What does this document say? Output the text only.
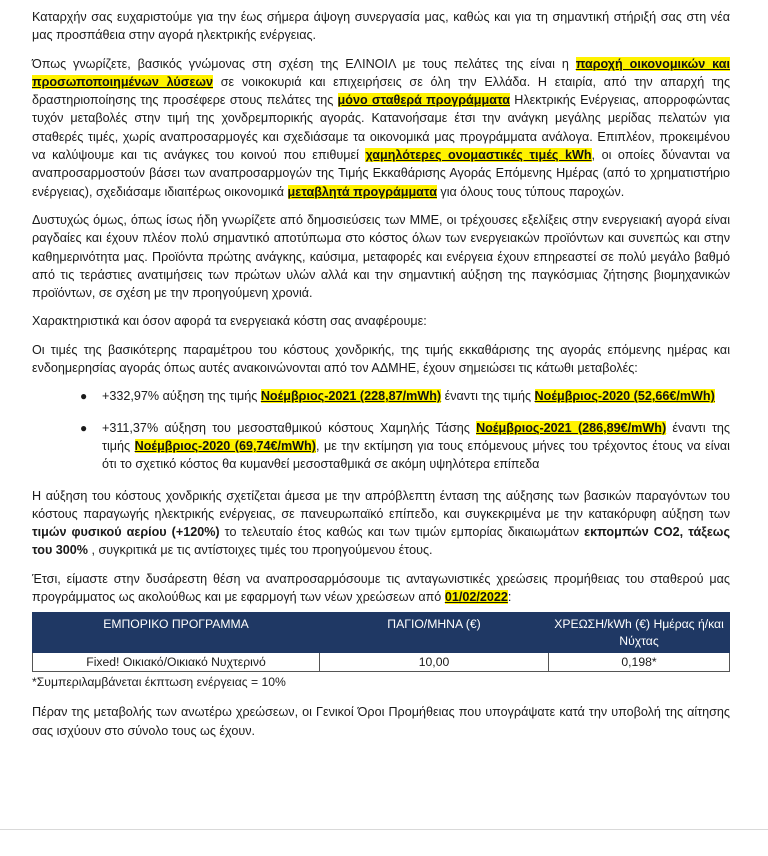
Καταρχήν σας ευχαριστούμε για την έως σήμερα άψογη συνεργασία μας, καθώς και για τη σημαντική στήριξή σας στη νέα μας προσπάθεια στην αγορά ηλεκτρικής ενέργειας.

Όπως γνωρίζετε, βασικός γνώμονας στη σχέση της ΕΛΙΝΟΙΛ με τους πελάτες της είναι η παροχή οικονομικών και προσωποποιημένων λύσεων σε νοικοκυριά και επιχειρήσεις σε όλη την Ελλάδα. Η εταιρία, από την απαρχή της δραστηριοποίησης της προσέφερε στους πελάτες της μόνο σταθερά προγράμματα Ηλεκτρικής Ενέργειας, απορροφώντας τυχόν μεταβολές στην τιμή της χονδρεμπορικής αγοράς. Κατανοήσαμε έτσι την ανάγκη μεγάλης μερίδας πελατών για σταθερές τιμές, χωρίς αναπροσαρμογές και σχεδιάσαμε τα οικονομικά μας προγράμματα ανάλογα. Επιπλέον, προκειμένου να καλύψουμε και τις ανάγκες του κοινού που επιθυμεί χαμηλότερες ονομαστικές τιμές kWh, οι οποίες δύνανται να αναπροσαρμοστούν βάσει των αναπροσαρμογών της Τιμής Εκκαθάρισης Αγοράς Επόμενης Ημέρας (από το χρηματιστήριο ενέργειας), σχεδιάσαμε ιδιαιτέρως οικονομικά μεταβλητά προγράμματα για όλους τους τύπους παροχών.

Δυστυχώς όμως, όπως ίσως ήδη γνωρίζετε από δημοσιεύσεις των ΜΜΕ, οι τρέχουσες εξελίξεις στην ενεργειακή αγορά είναι ραγδαίες και έχουν πλέον πολύ σημαντικό αποτύπωμα στο κόστος όλων των ενεργειακών προϊόντων και συνεπώς και στην καθημερινότητα μας. Προϊόντα πρώτης ανάγκης, καύσιμα, μεταφορές και ενέργεια έχουν επηρεαστεί σε πολύ μεγάλο βαθμό από τις τεράστιες ανατιμήσεις των πρώτων υλών αλλά και την σημαντική αύξηση της παγκόσμιας ζήτησης βιομηχανικών προϊόντων, σε σχέση με την προηγούμενη χρονιά.

Χαρακτηριστικά και όσον αφορά τα ενεργειακά κόστη σας αναφέρουμε:

Οι τιμές της βασικότερης παραμέτρου του κόστους χονδρικής, της τιμής εκκαθάρισης της αγοράς επόμενης ημέρας και ενδοημερησίας αγοράς όπως αυτές ανακοινώνονται από τον ΑΔΜΗΕ, έχουν σημειώσει τις κάτωθι μεταβολές:

● +332,97% αύξηση της τιμής Νοέμβριος-2021 (228,87/mWh) έναντι της τιμής Νοέμβριος-2020 (52,66€/mWh)
● +311,37% αύξηση του μεσοσταθμικού κόστους Χαμηλής Τάσης Νοέμβριος-2021 (286,89€/mWh) έναντι της τιμής Νοέμβριος-2020 (69,74€/mWh), με την εκτίμηση για τους επόμενους μήνες του τρέχοντος έτους να είναι ότι το σχετικό κόστος θα κυμανθεί μεσοσταθμικά σε ακόμη υψηλότερα επίπεδα

Η αύξηση του κόστους χονδρικής σχετίζεται άμεσα με την απρόβλεπτη ένταση της αύξησης των βασικών παραγόντων του κόστους παραγωγής ηλεκτρικής ενέργειας, σε πανευρωπαϊκό επίπεδο, και συγκεκριμένα με την κατακόρυφη αύξηση των τιμών φυσικού αερίου (+120%) το τελευταίο έτος καθώς και των τιμών εμπορίας δικαιωμάτων εκπομπών CO2, τάξεως του 300% , συγκριτικά με τις αντίστοιχες τιμές του προηγούμενου έτους.

Έτσι, είμαστε στην δυσάρεστη θέση να αναπροσαρμόσουμε τις ανταγωνιστικές χρεώσεις προμήθειας του σταθερού μας προγράμματος ως ακολούθως και με εφαρμογή των νέων χρεώσεων από 01/02/2022:

ΕΜΠΟΡΙΚΟ ΠΡΟΓΡΑΜΜΑ	ΠΑΓΙΟ/ΜΗΝΑ (€)	ΧΡΕΩΣΗ/kWh (€) Ημέρας ή/και Νύχτας
Fixed! Οικιακό/Οικιακό Νυχτερινό	10,00	0,198*
*Συμπεριλαμβάνεται έκπτωση ενέργειας = 10%

Πέραν της μεταβολής των ανωτέρω χρεώσεων, οι Γενικοί Όροι Προμήθειας που υπογράψατε κατά την υποβολή της αίτησης σας ισχύουν στο σύνολο τους ως έχουν.
